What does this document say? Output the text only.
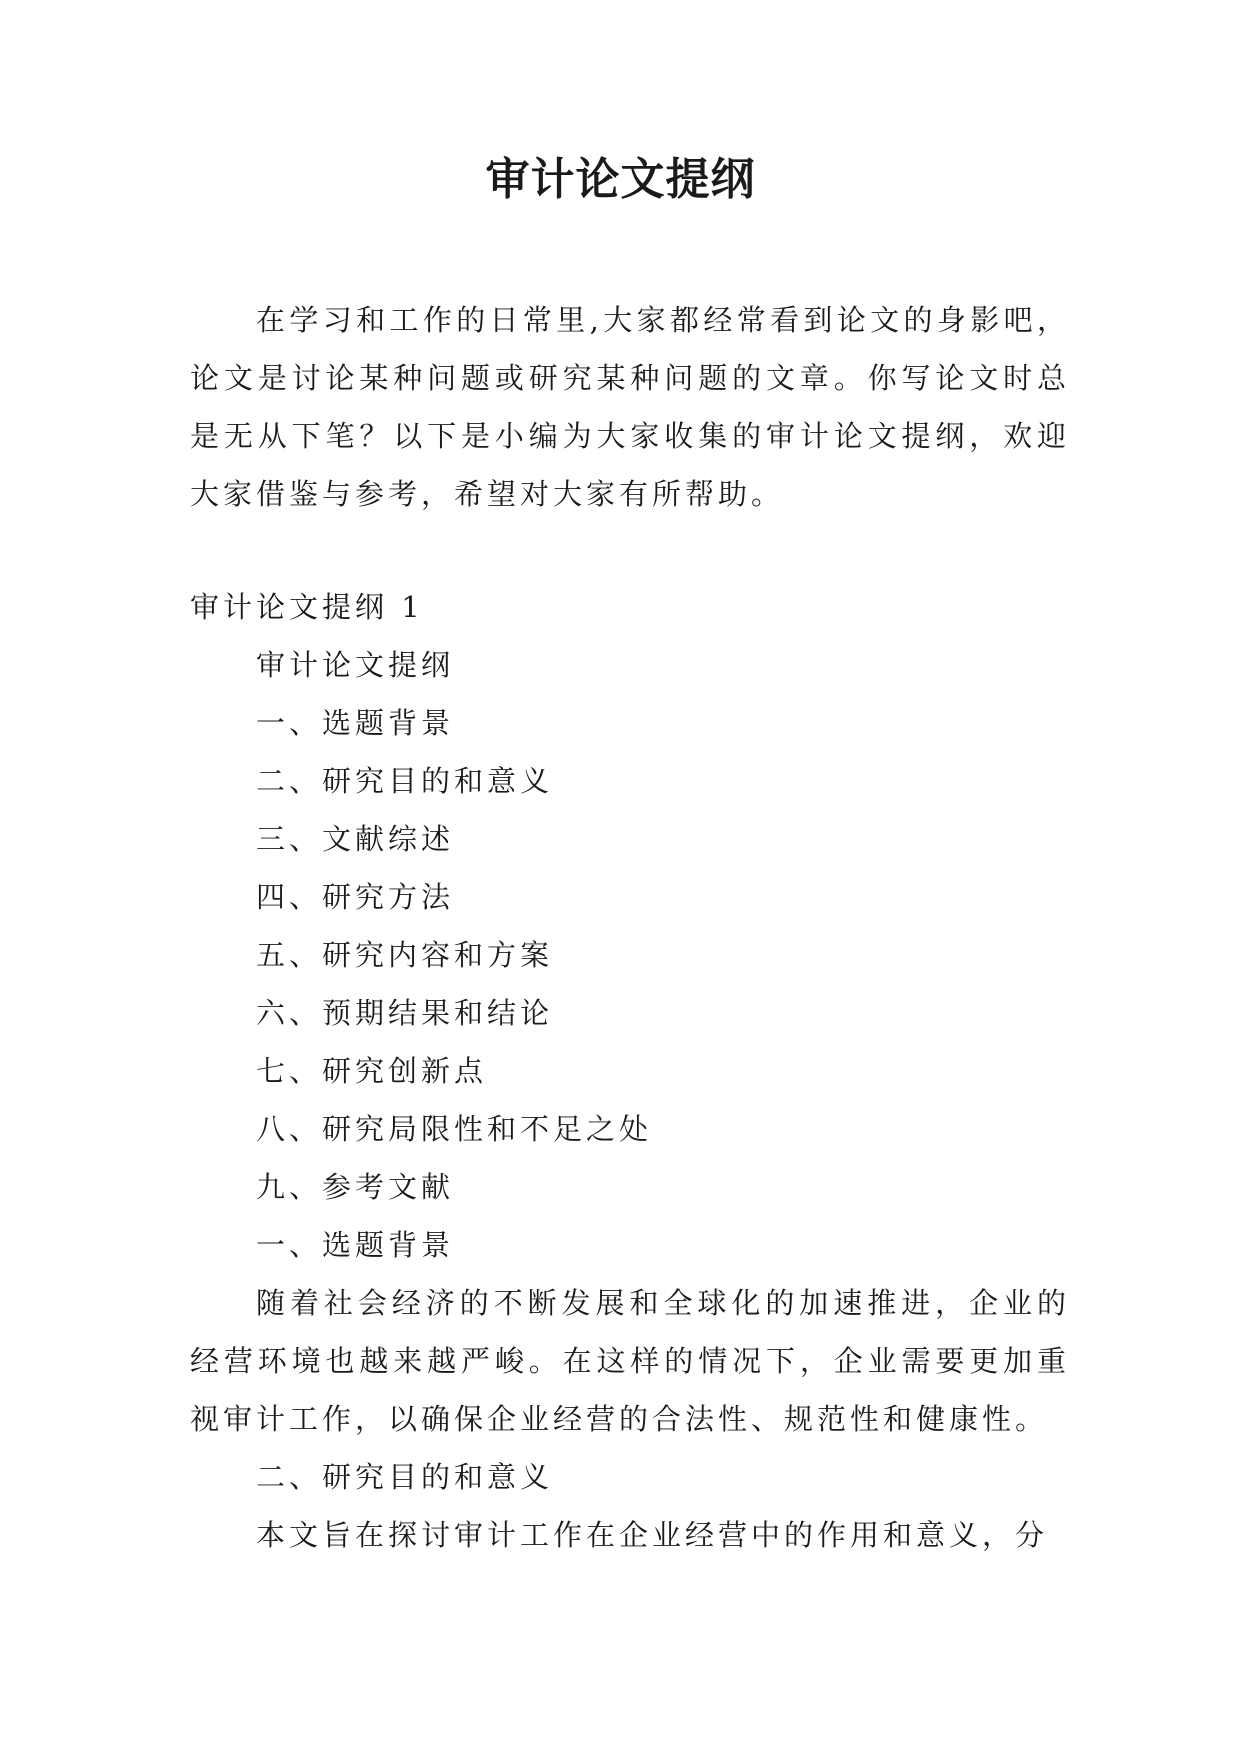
审计论文提纲

在学习和工作的日常里,大家都经常看到论文的身影吧，论文是讨论某种问题或研究某种问题的文章。你写论文时总是无从下笔？以下是小编为大家收集的审计论文提纲，欢迎大家借鉴与参考，希望对大家有所帮助。

审计论文提纲 1

审计论文提纲

一、选题背景

二、研究目的和意义

三、文献综述

四、研究方法

五、研究内容和方案

六、预期结果和结论

七、研究创新点

八、研究局限性和不足之处

九、参考文献

一、选题背景

随着社会经济的不断发展和全球化的加速推进，企业的经营环境也越来越严峻。在这样的情况下，企业需要更加重视审计工作，以确保企业经营的合法性、规范性和健康性。

二、研究目的和意义

本文旨在探讨审计工作在企业经营中的作用和意义，分
